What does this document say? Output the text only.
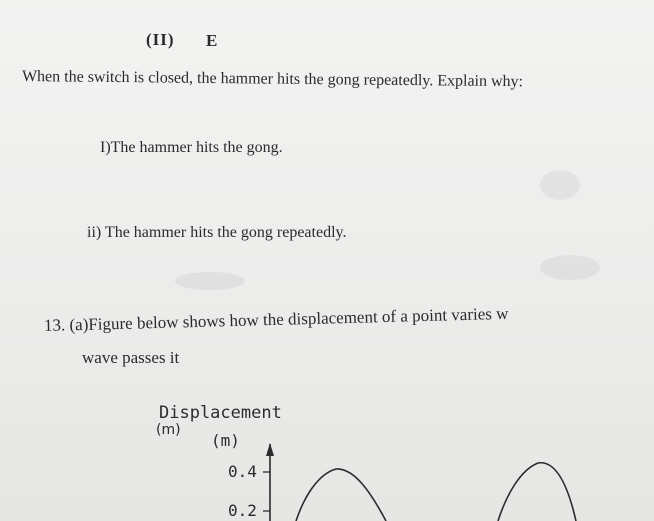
(II) E
When the switch is closed, the hammer hits the gong repeatedly. Explain why:
I)The hammer hits the gong.
ii) The hammer hits the gong repeatedly.
13. (a)Figure below shows how the displacement of a point varies w
wave passes it
Displacement
(m)
(m)
0.4
0.2
